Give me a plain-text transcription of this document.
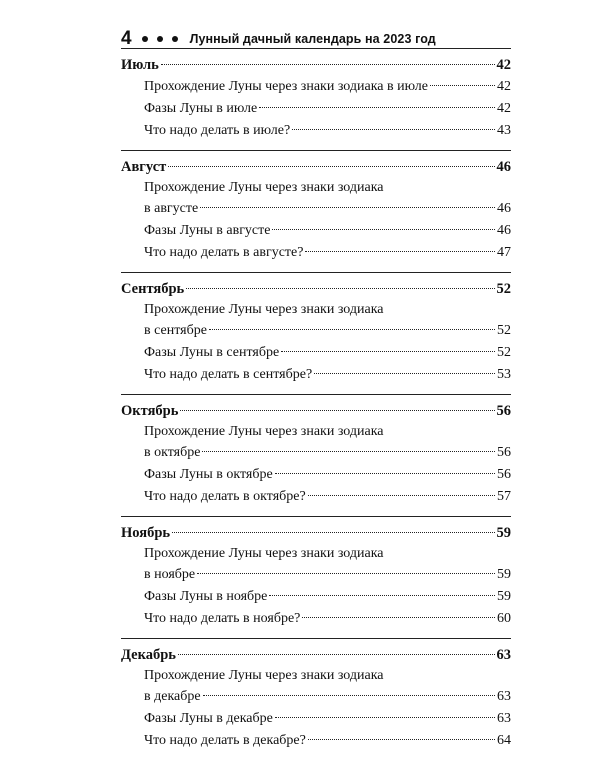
4	Лунный дачный календарь на 2023 год
Июль	42
Прохождение Луны через знаки зодиака в июле	42
Фазы Луны в июле	42
Что надо делать в июле?	43
Август	46
Прохождение Луны через знаки зодиака
в августе	46
Фазы Луны в августе	46
Что надо делать в августе?	47
Сентябрь	52
Прохождение Луны через знаки зодиака
в сентябре	52
Фазы Луны в сентябре	52
Что надо делать в сентябре?	53
Октябрь	56
Прохождение Луны через знаки зодиака
в октябре	56
Фазы Луны в октябре	56
Что надо делать в октябре?	57
Ноябрь	59
Прохождение Луны через знаки зодиака
в ноябре	59
Фазы Луны в ноябре	59
Что надо делать в ноябре?	60
Декабрь	63
Прохождение Луны через знаки зодиака
в декабре	63
Фазы Луны в декабре	63
Что надо делать в декабре?	64
